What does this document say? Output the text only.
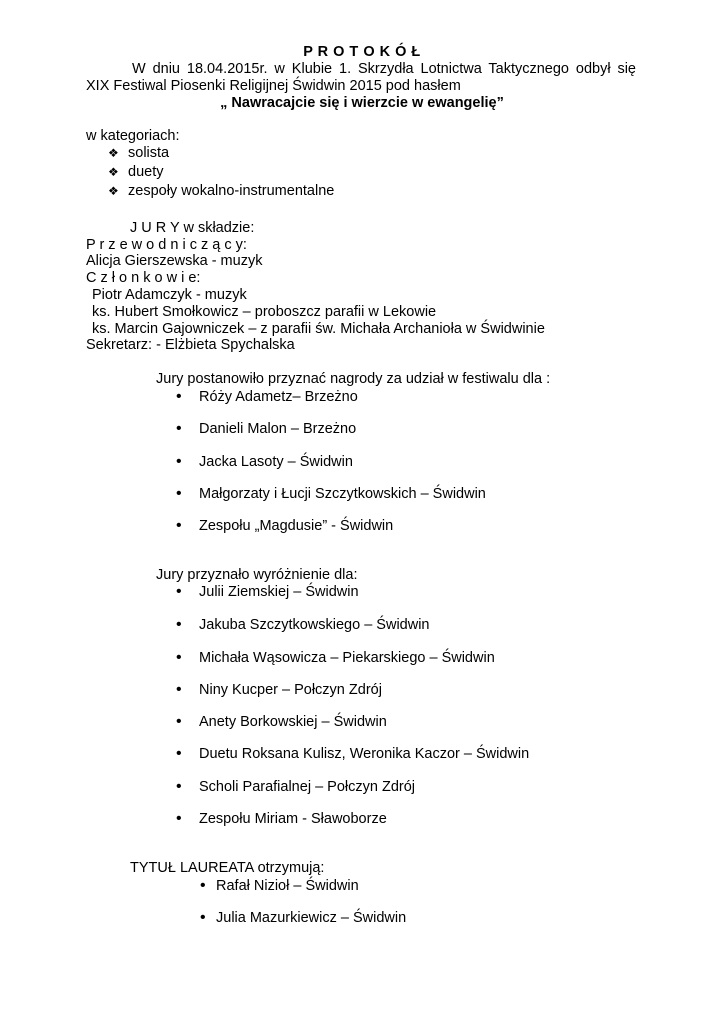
P R O T O K Ó Ł
W dniu 18.04.2015r. w Klubie 1. Skrzydła Lotnictwa Taktycznego odbył się
XIX Festiwal Piosenki Religijnej Świdwin 2015 pod hasłem
„ Nawracajcie się i wierzcie w ewangelię”
w kategoriach:
❖ solista
❖ duety
❖ zespoły wokalno-instrumentalne
J U R Y w składzie:
P r z e w o d n i c z ą c y:
Alicja Gierszewska - muzyk
C z ł o n k o w i e:
Piotr Adamczyk - muzyk
ks. Hubert Smołkowicz – proboszcz parafii w Lekowie
ks. Marcin Gajowniczek – z parafii św. Michała Archanioła w Świdwinie
Sekretarz: - Elżbieta Spychalska
Jury postanowiło przyznać nagrody za udział w festiwalu dla :
• Róży Adametz– Brzeżno
• Danieli Malon – Brzeżno
• Jacka Lasoty – Świdwin
• Małgorzaty i Łucji Szczytkowskich – Świdwin
• Zespołu „Magdusie” - Świdwin
Jury przyznało wyróżnienie dla:
• Julii Ziemskiej – Świdwin
• Jakuba Szczytkowskiego – Świdwin
• Michała Wąsowicza – Piekarskiego – Świdwin
• Niny Kucper – Połczyn Zdrój
• Anety Borkowskiej – Świdwin
• Duetu Roksana Kulisz, Weronika Kaczor – Świdwin
• Scholi Parafialnej – Połczyn Zdrój
• Zespołu Miriam - Sławoborze
TYTUŁ LAUREATA otrzymują:
• Rafał Nizioł – Świdwin
• Julia Mazurkiewicz – Świdwin
